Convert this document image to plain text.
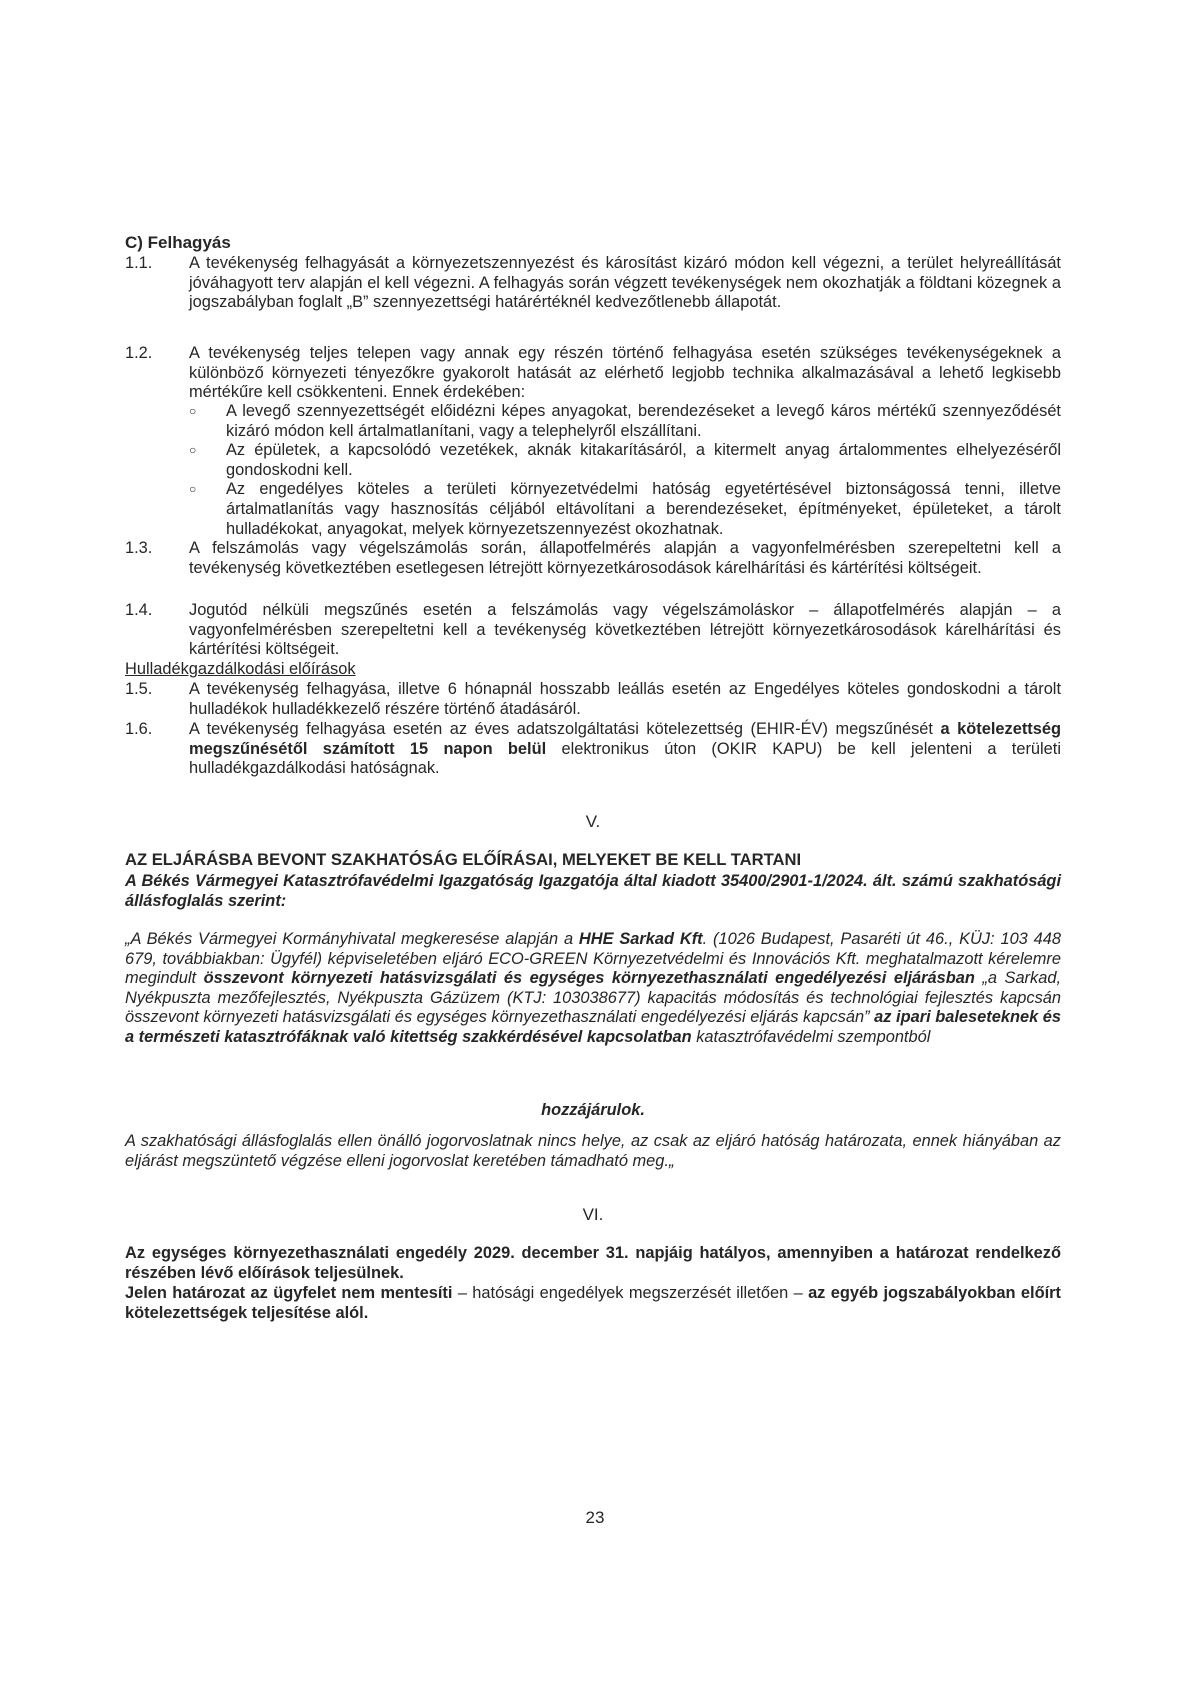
C) Felhagyás
1.1.	A tevékenység felhagyását a környezetszennyezést és károsítást kizáró módon kell végezni, a terület helyreállítását jóváhagyott terv alapján el kell végezni. A felhagyás során végzett tevékenységek nem okozhatják a földtani közegnek a jogszabályban foglalt „B” szennyezettségi határértéknél kedvezőtlenebb állapotát.
1.2.	A tevékenység teljes telepen vagy annak egy részén történő felhagyása esetén szükséges tevékenységeknek a különböző környezeti tényezőkre gyakorolt hatását az elérhető legjobb technika alkalmazásával a lehető legkisebb mértékűre kell csökkenteni. Ennek érdekében:
○ A levegő szennyezettségét előidézni képes anyagokat, berendezéseket a levegő káros mértékű szennyeződését kizáró módon kell ártalmatlanítani, vagy a telephelyről elszállítani.
○ Az épületek, a kapcsolódó vezetékek, aknák kitakarításáról, a kitermelt anyag ártalommentes elhelyezéséről gondoskodni kell.
○ Az engedélyes köteles a területi környezetvédelmi hatóság egyetértésével biztonságossá tenni, illetve ártalmatlanítás vagy hasznosítás céljából eltávolítani a berendezéseket, építményeket, épületeket, a tárolt hulladékokat, anyagokat, melyek környezetszennyezést okozhatnak.
1.3.	A felszámolás vagy végelszámolás során, állapotfelmérés alapján a vagyonfelmérésben szerepeltetni kell a tevékenység következtében esetlegesen létrejött környezetkárosodások kárelhárítási és kártérítési költségeit.
1.4.	Jogutód nélküli megszűnés esetén a felszámolás vagy végelszámoláskor – állapotfelmérés alapján – a vagyonfelmérésben szerepeltetni kell a tevékenység következtében létrejött környezetkárosodások kárelhárítási és kártérítési költségeit.
Hulladékgazdálkodási előírások
1.5.	A tevékenység felhagyása, illetve 6 hónapnál hosszabb leállás esetén az Engedélyes köteles gondoskodni a tárolt hulladékok hulladékkezelő részére történő átadásáról.
1.6.	A tevékenység felhagyása esetén az éves adatszolgáltatási kötelezettség (EHIR-ÉV) megszűnését a kötelezettség megszűnésétől számított 15 napon belül elektronikus úton (OKIR KAPU) be kell jelenteni a területi hulladékgazdálkodási hatóságnak.
V.
AZ ELJÁRÁSBA BEVONT SZAKHATÓSÁG ELŐÍRÁSAI, MELYEKET BE KELL TARTANI
A Békés Vármegyei Katasztrófavédelmi Igazgatóság Igazgatója által kiadott 35400/2901-1/2024. ált. számú szakhatósági állásfoglalás szerint:
„A Békés Vármegyei Kormányhivatal megkeresése alapján a HHE Sarkad Kft. (1026 Budapest, Pasaréti út 46., KÜJ: 103 448 679, továbbiakban: Ügyfél) képviseletében eljáró ECO-GREEN Környezetvédelmi és Innovációs Kft. meghatalmazott kérelemre megindult összevont környezeti hatásvizsgálati és egységes környezethasználati engedélyezési eljárásban „a Sarkad, Nyékpuszta mezőfejlesztés, Nyékpuszta Gázüzem (KTJ: 103038677) kapacitás módosítás és technológiai fejlesztés kapcsán összevont környezeti hatásvizsgálati és egységes környezethasználati engedélyezési eljárás kapcsán” az ipari baleseteknek és a természeti katasztrófáknak való kitettség szakkérdésével kapcsolatban katasztrófavédelmi szempontból
hozzájárulok.
A szakhatósági állásfoglalás ellen önálló jogorvoslatnak nincs helye, az csak az eljáró hatóság határozata, ennek hiányában az eljárást megszüntető végzése elleni jogorvoslat keretében támadható meg.„
VI.
Az egységes környezethasználati engedély 2029. december 31. napjáig hatályos, amennyiben a határozat rendelkező részében lévő előírások teljesülnek.
Jelen határozat az ügyfelet nem mentesíti – hatósági engedélyek megszerzését illetően – az egyéb jogszabályokban előírt kötelezettségek teljesítése alól.
23
